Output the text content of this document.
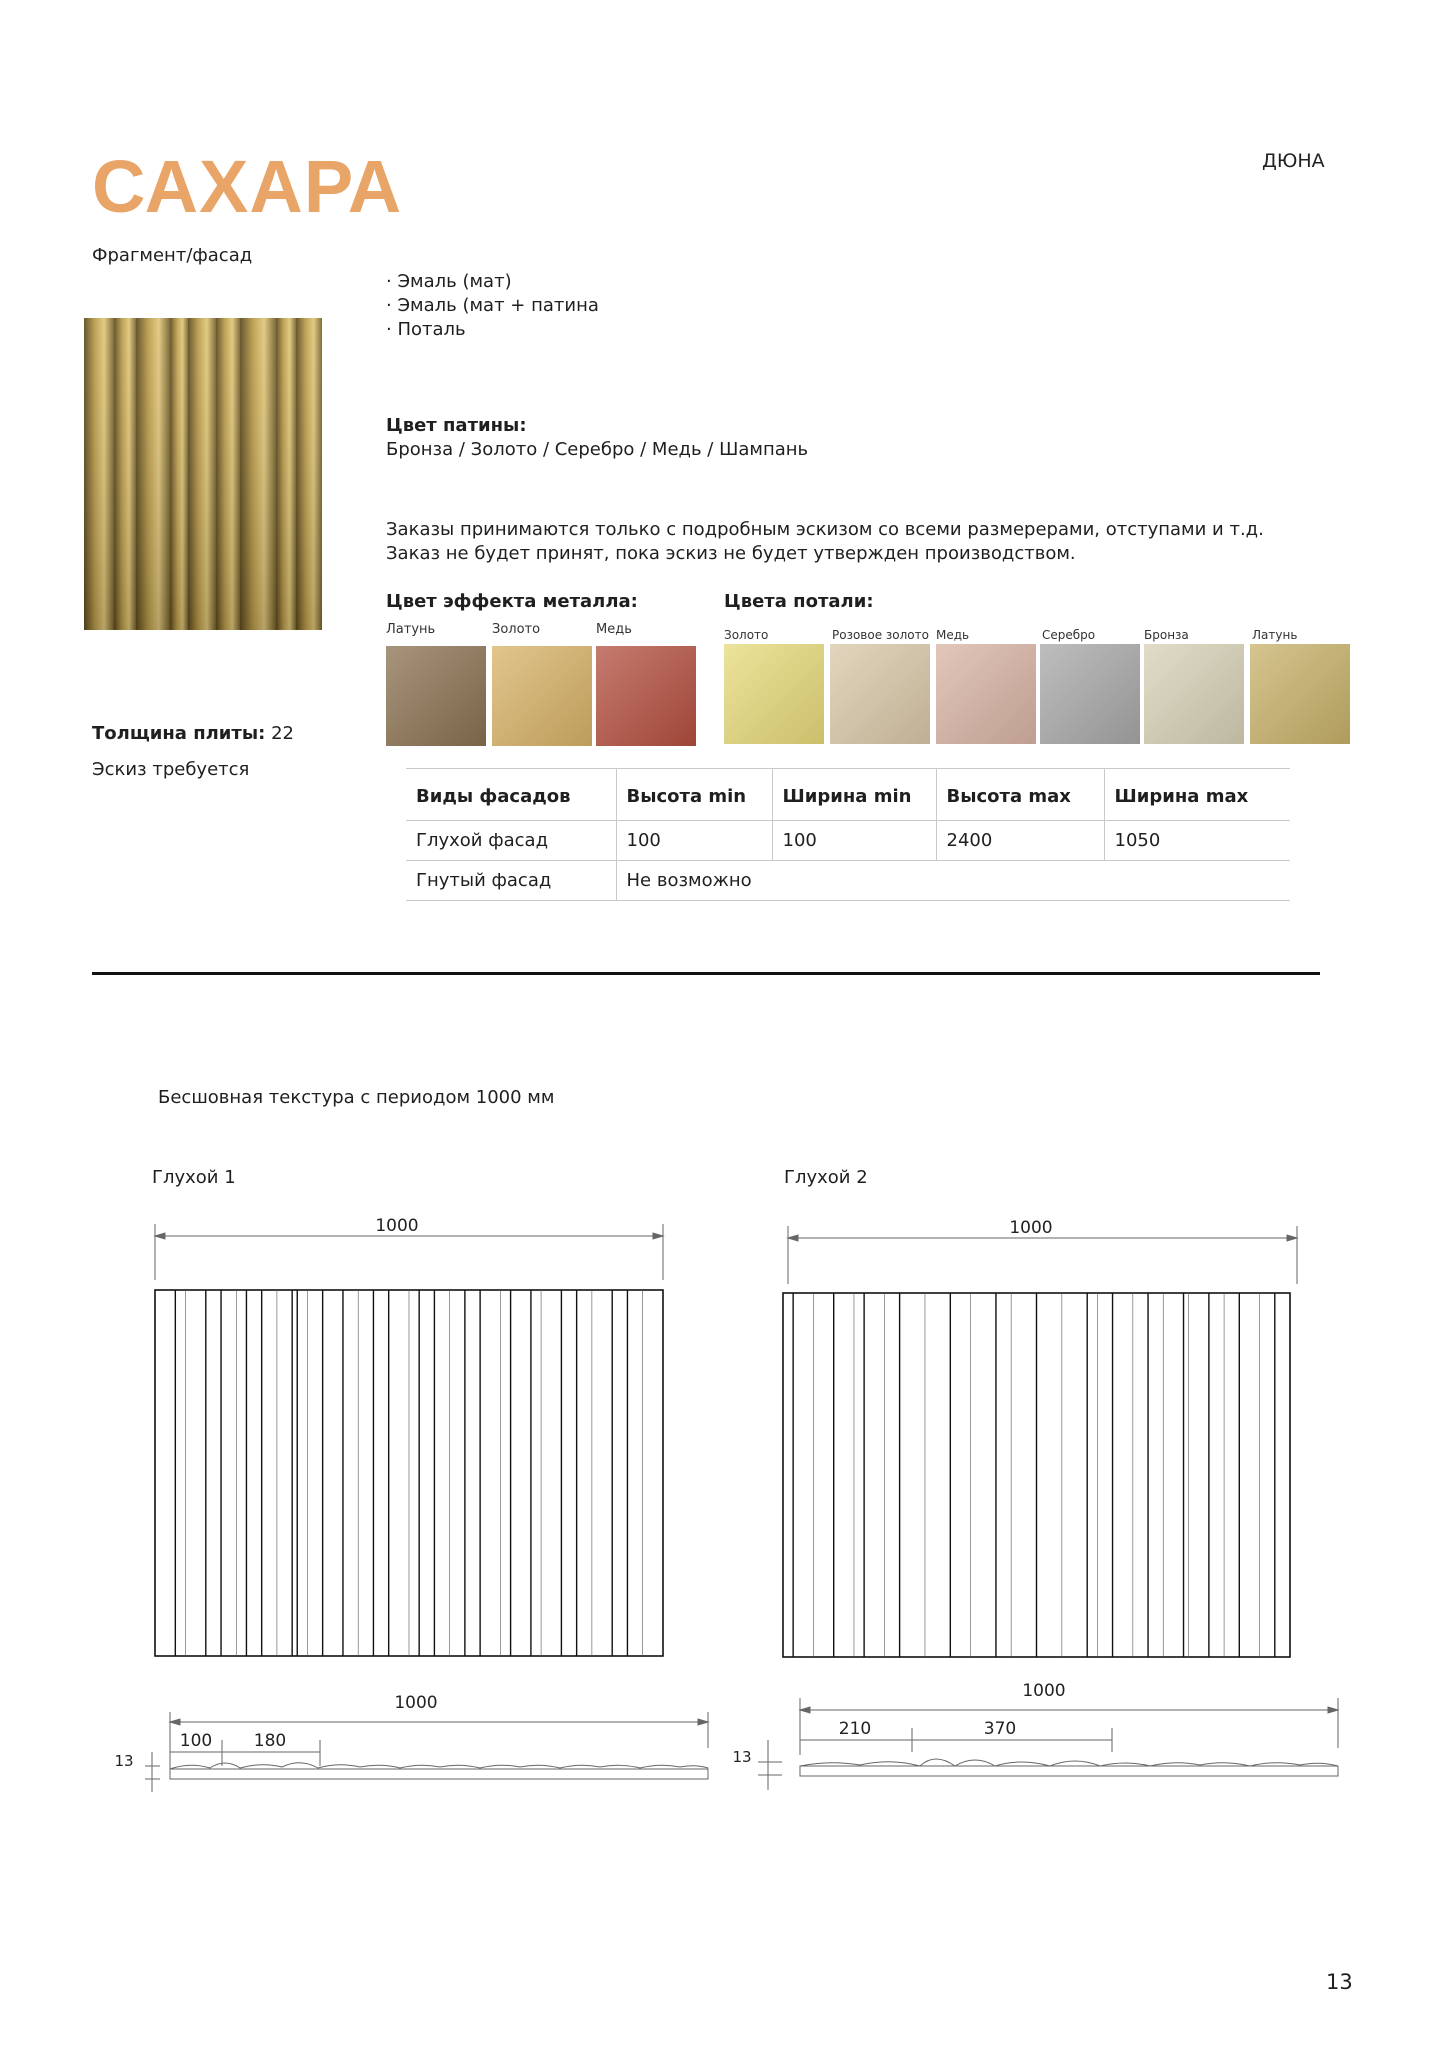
САХАРА	ДЮНА
Фрагмент/фасад
· Эмаль (мат)
· Эмаль (мат + патина
· Поталь
Цвет патины:
Бронза / Золото / Серебро / Медь / Шампань
Заказы принимаются только с подробным эскизом со всеми размерерами, отступами и т.д.
Заказ не будет принят, пока эскиз не будет утвержден производством.
Цвет эффекта металла:
Латунь	Золото	Медь
Цвета потали:
Золото	Розовое золото Медь	Серебро	Бронза	Латунь
Толщина плиты: 22
Эскиз требуется
Виды фасадов	Высота min	Ширина min	Высота max	Ширина max
Глухой фасад	100	100	2400	1050
Гнутый фасад	Не возможно			
Бесшовная текстура с периодом 1000 мм
Глухой 1	Глухой 2
1000	1000
1000
100 180
13
1000
210	370
13
13
